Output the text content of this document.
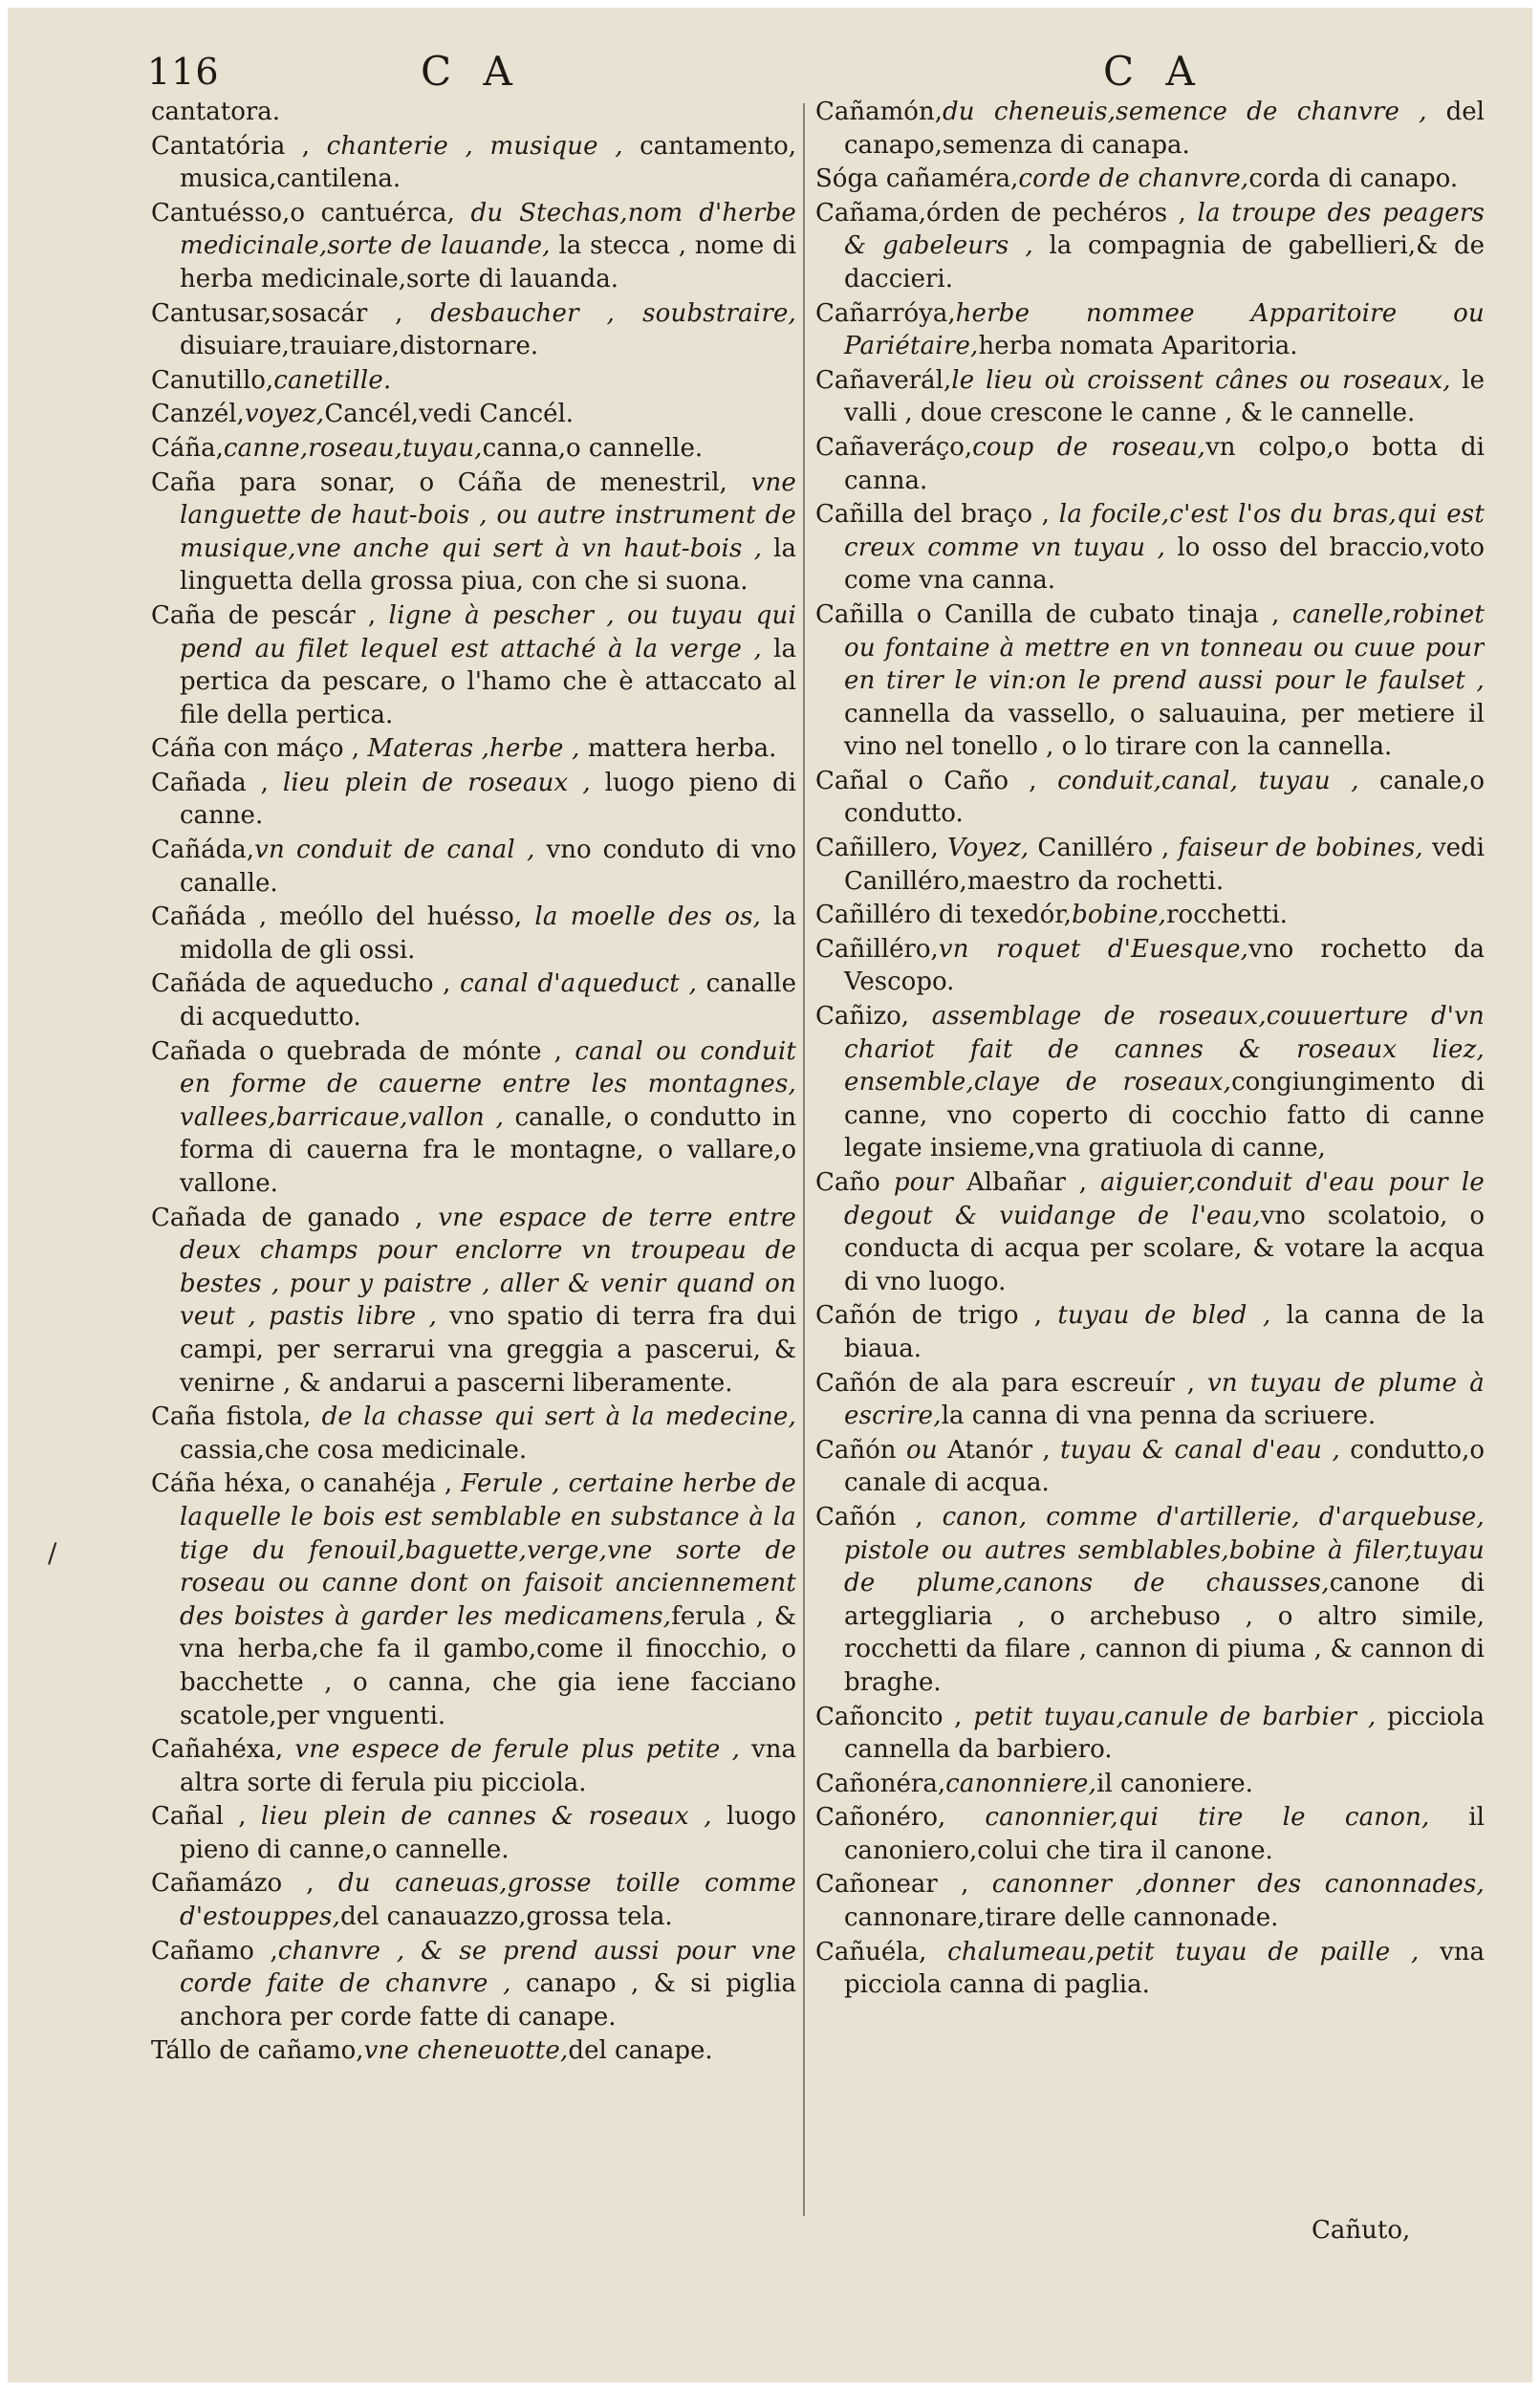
116	C A	C A
cantatora.
Cantatória , chanterie , musique , cantamento, musica,cantilena.
Cantuésso,o cantuérca, du Stechas,nom d'herbe medicinale,sorte de lauande, la stecca , nome di herba medicinale,sorte di lauanda.
Cantusar,sosacár , desbaucher , soubstraire, disuiare,trauiare,distornare.
Canutillo,canetille.
Canzél,voyez,Cancél,vedi Cancél.
Cáña,canne,roseau,tuyau,canna,o cannelle.
Caña para sonar, o Cáña de menestril, vne languette de haut-bois , ou autre instrument de musique,vne anche qui sert à vn haut-bois , la linguetta della grossa piua, con che si suona.
Caña de pescár , ligne à pescher , ou tuyau qui pend au filet lequel est attaché à la verge , la pertica da pescare, o l'hamo che è attaccato al file della pertica.
Cáña con máço , Materas ,herbe , mattera herba.
Cañada , lieu plein de roseaux , luogo pieno di canne.
Cañáda,vn conduit de canal , vno conduto di vno canalle.
Cañáda , meóllo del huésso, la moelle des os, la midolla de gli ossi.
Cañáda de aqueducho , canal d'aqueduct , canalle di acquedutto.
Cañada o quebrada de mónte , canal ou conduit en forme de cauerne entre les montagnes, vallees,barricaue,vallon , canalle, o condutto in forma di cauerna fra le montagne, o vallare,o vallone.
Cañada de ganado , vne espace de terre entre deux champs pour enclorre vn troupeau de bestes , pour y paistre , aller & venir quand on veut , pastis libre , vno spatio di terra fra dui campi, per serrarui vna greggia a pascerui, & venirne , & andarui a pascerni liberamente.
Caña fistola, de la chasse qui sert à la medecine, cassia,che cosa medicinale.
Cáña héxa, o canahéja , Ferule , certaine herbe de laquelle le bois est semblable en substance à la tige du fenouil,baguette,verge,vne sorte de roseau ou canne dont on faisoit anciennement des boistes à garder les medicamens,ferula , & vna herba,che fa il gambo,come il finocchio, o bacchette , o canna, che gia iene facciano scatole,per vnguenti.
Cañahéxa, vne espece de ferule plus petite , vna altra sorte di ferula piu picciola.
Cañal , lieu plein de cannes & roseaux , luogo pieno di canne,o cannelle.
Cañamázo , du caneuas,grosse toille comme d'estouppes,del canauazzo,grossa tela.
Cañamo ,chanvre , & se prend aussi pour vne corde faite de chanvre , canapo , & si piglia anchora per corde fatte di canape.
Tállo de cañamo,vne cheneuotte,del canape.
Cañamón,du cheneuis,semence de chanvre , del canapo,semenza di canapa.
Sóga cañaméra,corde de chanvre,corda di canapo.
Cañama,órden de pechéros , la troupe des peagers & gabeleurs , la compagnia de gabellieri,& de daccieri.
Cañarróya,herbe nommee Apparitoire ou Pariétaire,herba nomata Aparitoria.
Cañaverál,le lieu où croissent cânes ou roseaux, le valli , doue crescone le canne , & le cannelle.
Cañaveráço,coup de roseau,vn colpo,o botta di canna.
Cañilla del braço , la focile,c'est l'os du bras,qui est creux comme vn tuyau , lo osso del braccio,voto come vna canna.
Cañilla o Canilla de cubato tinaja , canelle,robinet ou fontaine à mettre en vn tonneau ou cuue pour en tirer le vin:on le prend aussi pour le faulset , cannella da vassello, o saluauina, per metiere il vino nel tonello , o lo tirare con la cannella.
Cañal o Caño , conduit,canal, tuyau , canale,o condutto.
Cañillero, Voyez, Canilléro , faiseur de bobines, vedi Canilléro,maestro da rochetti.
Cañilléro di texedór,bobine,rocchetti.
Cañilléro,vn roquet d'Euesque,vno rochetto da Vescopo.
Cañizo, assemblage de roseaux,couuerture d'vn chariot fait de cannes & roseaux liez, ensemble,claye de roseaux,congiungimento di canne, vno coperto di cocchio fatto di canne legate insieme,vna gratiuola di canne,
Caño pour Albañar , aiguier,conduit d'eau pour le degout & vuidange de l'eau,vno scolatoio, o conducta di acqua per scolare, & votare la acqua di vno luogo.
Cañón de trigo , tuyau de bled , la canna de la biaua.
Cañón de ala para escreuír , vn tuyau de plume à escrire,la canna di vna penna da scriuere.
Cañón ou Atanór , tuyau & canal d'eau , condutto,o canale di acqua.
Cañón , canon, comme d'artillerie, d'arquebuse, pistole ou autres semblables,bobine à filer,tuyau de plume,canons de chausses,canone di arteggliaria , o archebuso , o altro simile, rocchetti da filare , cannon di piuma , & cannon di braghe.
Cañoncito , petit tuyau,canule de barbier , picciola cannella da barbiero.
Cañonéra,canonniere,il canoniere.
Cañonéro, canonnier,qui tire le canon, il canoniero,colui che tira il canone.
Cañonear , canonner ,donner des canonnades, cannonare,tirare delle cannonade.
Cañuéla, chalumeau,petit tuyau de paille , vna picciola canna di paglia.
Cañuto,
/
